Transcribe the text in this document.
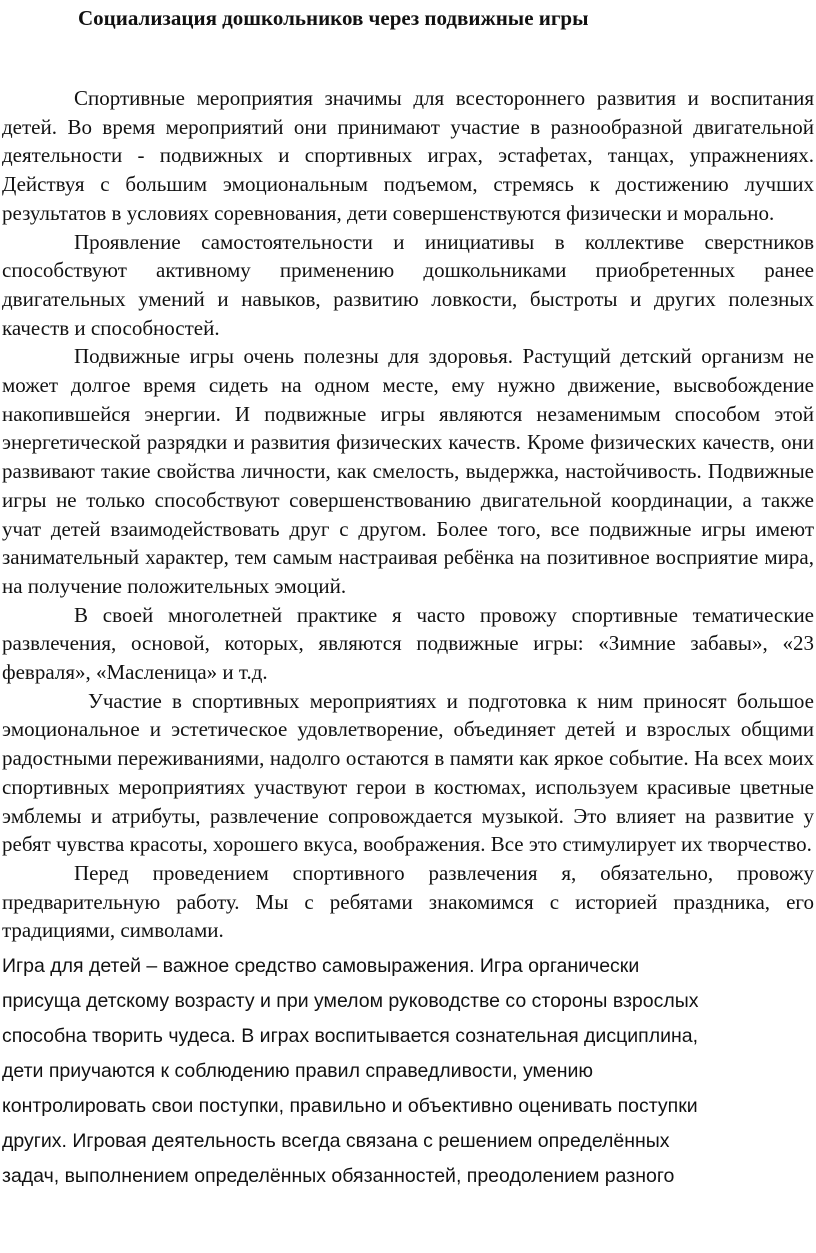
Социализация дошкольников через подвижные игры

Спортивные мероприятия значимы для всестороннего развития и воспитания детей. Во время мероприятий они принимают участие в разнообразной двигательной деятельности - подвижных и спортивных играх, эстафетах, танцах, упражнениях. Действуя с большим эмоциональным подъемом, стремясь к достижению лучших результатов в условиях соревнования, дети совершенствуются физически и морально.

Проявление самостоятельности и инициативы в коллективе сверстников способствуют активному применению дошкольниками приобретенных ранее двигательных умений и навыков, развитию ловкости, быстроты и других полезных качеств и способностей.

Подвижные игры очень полезны для здоровья. Растущий детский организм не может долгое время сидеть на одном месте, ему нужно движение, высвобождение накопившейся энергии. И подвижные игры являются незаменимым способом этой энергетической разрядки и развития физических качеств. Кроме физических качеств, они развивают такие свойства личности, как смелость, выдержка, настойчивость. Подвижные игры не только способствуют совершенствованию двигательной координации, а также учат детей взаимодействовать друг с другом. Более того, все подвижные игры имеют занимательный характер, тем самым настраивая ребёнка на позитивное восприятие мира, на получение положительных эмоций.

В своей многолетней практике я часто провожу спортивные тематические развлечения, основой, которых, являются подвижные игры: «Зимние забавы», «23 февраля», «Масленица» и т.д.

Участие в спортивных мероприятиях и подготовка к ним приносят большое эмоциональное и эстетическое удовлетворение, объединяет детей и взрослых общими радостными переживаниями, надолго остаются в памяти как яркое событие. На всех моих спортивных мероприятиях участвуют герои в костюмах, используем красивые цветные эмблемы и атрибуты, развлечение сопровождается музыкой. Это влияет на развитие у ребят чувства красоты, хорошего вкуса, воображения. Все это стимулирует их творчество.

Перед проведением спортивного развлечения я, обязательно, провожу предварительную работу. Мы с ребятами знакомимся с историей праздника, его традициями, символами.

Игра для детей – важное средство самовыражения. Игра органически

присуща детскому возрасту и при умелом руководстве со стороны взрослых

способна творить чудеса. В играх воспитывается сознательная дисциплина,

дети приучаются к соблюдению правил справедливости, умению

контролировать свои поступки, правильно и объективно оценивать поступки

других. Игровая деятельность всегда связана с решением определённых

задач, выполнением определённых обязанностей, преодолением разного
